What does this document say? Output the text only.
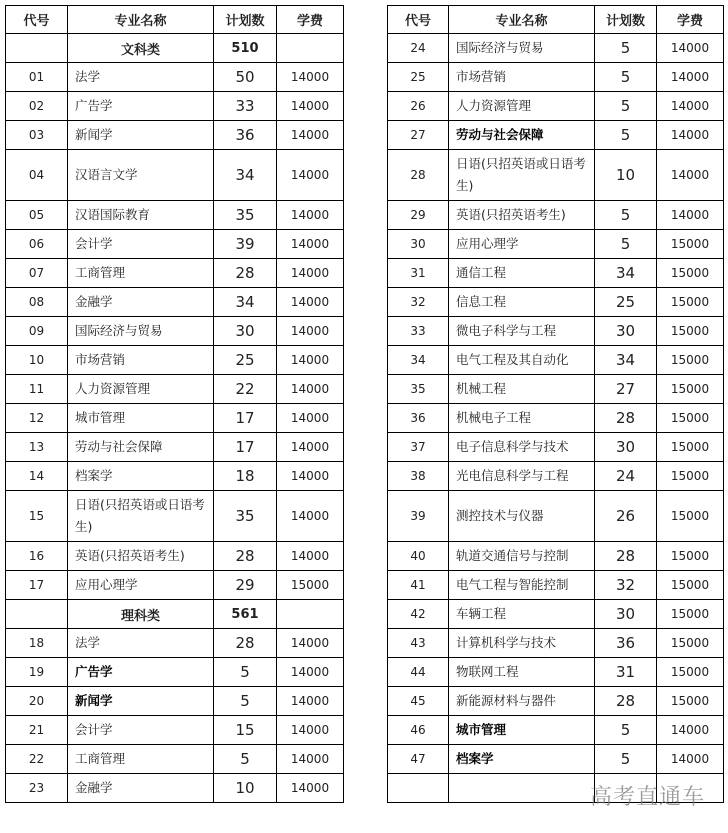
代号	专业名称	计划数	学费
	文科类	510	
01	法学	50	14000
02	广告学	33	14000
03	新闻学	36	14000
04	汉语言文学	34	14000
05	汉语国际教育	35	14000
06	会计学	39	14000
07	工商管理	28	14000
08	金融学	34	14000
09	国际经济与贸易	30	14000
10	市场营销	25	14000
11	人力资源管理	22	14000
12	城市管理	17	14000
13	劳动与社会保障	17	14000
14	档案学	18	14000
15	日语(只招英语或日语考生)	35	14000
16	英语(只招英语考生)	28	14000
17	应用心理学	29	15000
	理科类	561	
18	法学	28	14000
19	广告学	5	14000
20	新闻学	5	14000
21	会计学	15	14000
22	工商管理	5	14000
23	金融学	10	14000
代号	专业名称	计划数	学费
24	国际经济与贸易	5	14000
25	市场营销	5	14000
26	人力资源管理	5	14000
27	劳动与社会保障	5	14000
28	日语(只招英语或日语考生)	10	14000
29	英语(只招英语考生)	5	14000
30	应用心理学	5	15000
31	通信工程	34	15000
32	信息工程	25	15000
33	微电子科学与工程	30	15000
34	电气工程及其自动化	34	15000
35	机械工程	27	15000
36	机械电子工程	28	15000
37	电子信息科学与技术	30	15000
38	光电信息科学与工程	24	15000
39	测控技术与仪器	26	15000
40	轨道交通信号与控制	28	15000
41	电气工程与智能控制	32	15000
42	车辆工程	30	15000
43	计算机科学与技术	36	15000
44	物联网工程	31	15000
45	新能源材料与器件	28	15000
46	城市管理	5	14000
47	档案学	5	14000

高考直通车
